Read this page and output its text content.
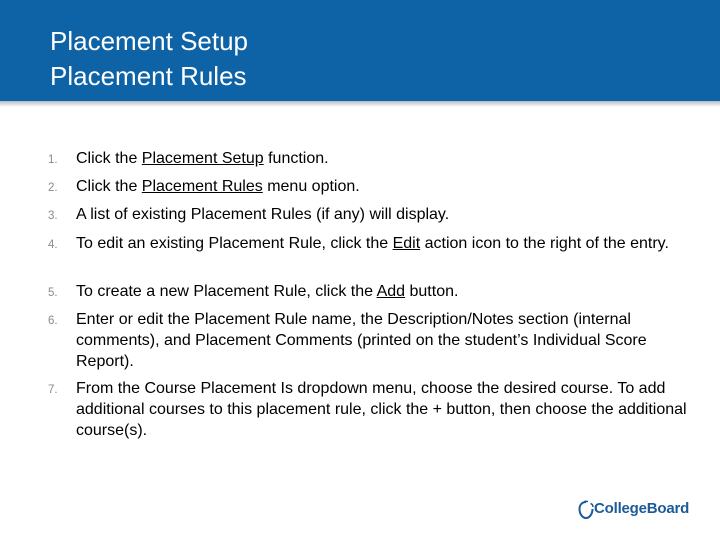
Placement Setup
Placement Rules
1. Click the Placement Setup function.
2. Click the Placement Rules menu option.
3. A list of existing Placement Rules (if any) will display.
4. To edit an existing Placement Rule, click the Edit action icon to the right of the entry.
5. To create a new Placement Rule, click the Add button.
6. Enter or edit the Placement Rule name, the Description/Notes section (internal comments), and Placement Comments (printed on the student’s Individual Score Report).
7. From the Course Placement Is dropdown menu, choose the desired course. To add additional courses to this placement rule, click the + button, then choose the additional course(s).
CollegeBoard
